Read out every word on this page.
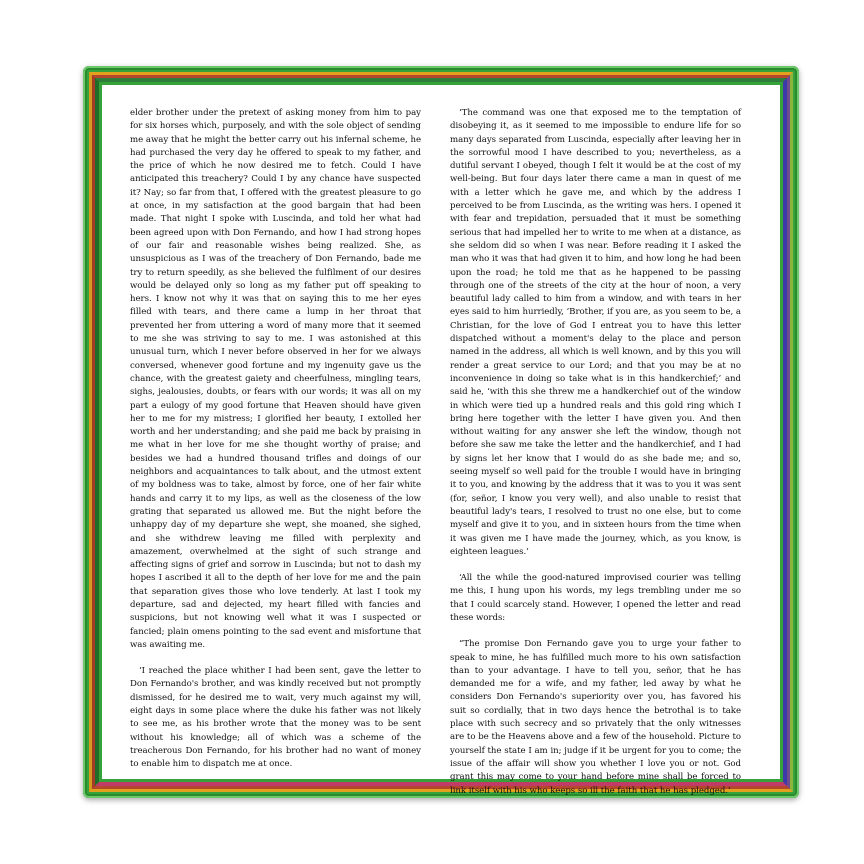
elder brother under the pretext of asking money from him to pay for six horses which, purposely, and with the sole object of sending me away that he might the better carry out his infernal scheme, he had purchased the very day he offered to speak to my father, and the price of which he now desired me to fetch. Could I have anticipated this treachery? Could I by any chance have suspected it? Nay; so far from that, I offered with the greatest pleasure to go at once, in my satisfaction at the good bargain that had been made. That night I spoke with Luscinda, and told her what had been agreed upon with Don Fernando, and how I had strong hopes of our fair and reasonable wishes being realized. She, as unsuspicious as I was of the treachery of Don Fernando, bade me try to return speedily, as she believed the fulfilment of our desires would be delayed only so long as my father put off speaking to hers. I know not why it was that on saying this to me her eyes filled with tears, and there came a lump in her throat that prevented her from uttering a word of many more that it seemed to me she was striving to say to me. I was astonished at this unusual turn, which I never before observed in her for we always conversed, whenever good fortune and my ingenuity gave us the chance, with the greatest gaiety and cheerfulness, mingling tears, sighs, jealousies, doubts, or fears with our words; it was all on my part a eulogy of my good fortune that Heaven should have given her to me for my mistress; I glorified her beauty, I extolled her worth and her understanding; and she paid me back by praising in me what in her love for me she thought worthy of praise; and besides we had a hundred thousand trifles and doings of our neighbors and acquaintances to talk about, and the utmost extent of my boldness was to take, almost by force, one of her fair white hands and carry it to my lips, as well as the closeness of the low grating that separated us allowed me. But the night before the unhappy day of my departure she wept, she moaned, she sighed, and she withdrew leaving me filled with perplexity and amazement, overwhelmed at the sight of such strange and affecting signs of grief and sorrow in Luscinda; but not to dash my hopes I ascribed it all to the depth of her love for me and the pain that separation gives those who love tenderly. At last I took my departure, sad and dejected, my heart filled with fancies and suspicions, but not knowing well what it was I suspected or fancied; plain omens pointing to the sad event and misfortune that was awaiting me.

‘I reached the place whither I had been sent, gave the letter to Don Fernando's brother, and was kindly received but not promptly dismissed, for he desired me to wait, very much against my will, eight days in some place where the duke his father was not likely to see me, as his brother wrote that the money was to be sent without his knowledge; all of which was a scheme of the treacherous Don Fernando, for his brother had no want of money to enable him to dispatch me at once.

‘The command was one that exposed me to the temptation of disobeying it, as it seemed to me impossible to endure life for so many days separated from Luscinda, especially after leaving her in the sorrowful mood I have described to you; nevertheless, as a dutiful servant I obeyed, though I felt it would be at the cost of my well-being. But four days later there came a man in quest of me with a letter which he gave me, and which by the address I perceived to be from Luscinda, as the writing was hers. I opened it with fear and trepidation, persuaded that it must be something serious that had impelled her to write to me when at a distance, as she seldom did so when I was near. Before reading it I asked the man who it was that had given it to him, and how long he had been upon the road; he told me that as he happened to be passing through one of the streets of the city at the hour of noon, a very beautiful lady called to him from a window, and with tears in her eyes said to him hurriedly, ‘Brother, if you are, as you seem to be, a Christian, for the love of God I entreat you to have this letter dispatched without a moment's delay to the place and person named in the address, all which is well known, and by this you will render a great service to our Lord; and that you may be at no inconvenience in doing so take what is in this handkerchief;’ and said he, ‘with this she threw me a handkerchief out of the window in which were tied up a hundred reals and this gold ring which I bring here together with the letter I have given you. And then without waiting for any answer she left the window, though not before she saw me take the letter and the handkerchief, and I had by signs let her know that I would do as she bade me; and so, seeing myself so well paid for the trouble I would have in bringing it to you, and knowing by the address that it was to you it was sent (for, señor, I know you very well), and also unable to resist that beautiful lady's tears, I resolved to trust no one else, but to come myself and give it to you, and in sixteen hours from the time when it was given me I have made the journey, which, as you know, is eighteen leagues.’

‘All the while the good-natured improvised courier was telling me this, I hung upon his words, my legs trembling under me so that I could scarcely stand. However, I opened the letter and read these words:

“The promise Don Fernando gave you to urge your father to speak to mine, he has fulfilled much more to his own satisfaction than to your advantage. I have to tell you, señor, that he has demanded me for a wife, and my father, led away by what he considers Don Fernando's superiority over you, has favored his suit so cordially, that in two days hence the betrothal is to take place with such secrecy and so privately that the only witnesses are to be the Heavens above and a few of the household. Picture to yourself the state I am in; judge if it be urgent for you to come; the issue of the affair will show you whether I love you or not. God grant this may come to your hand before mine shall be forced to link itself with his who keeps so ill the faith that he has pledged.’
